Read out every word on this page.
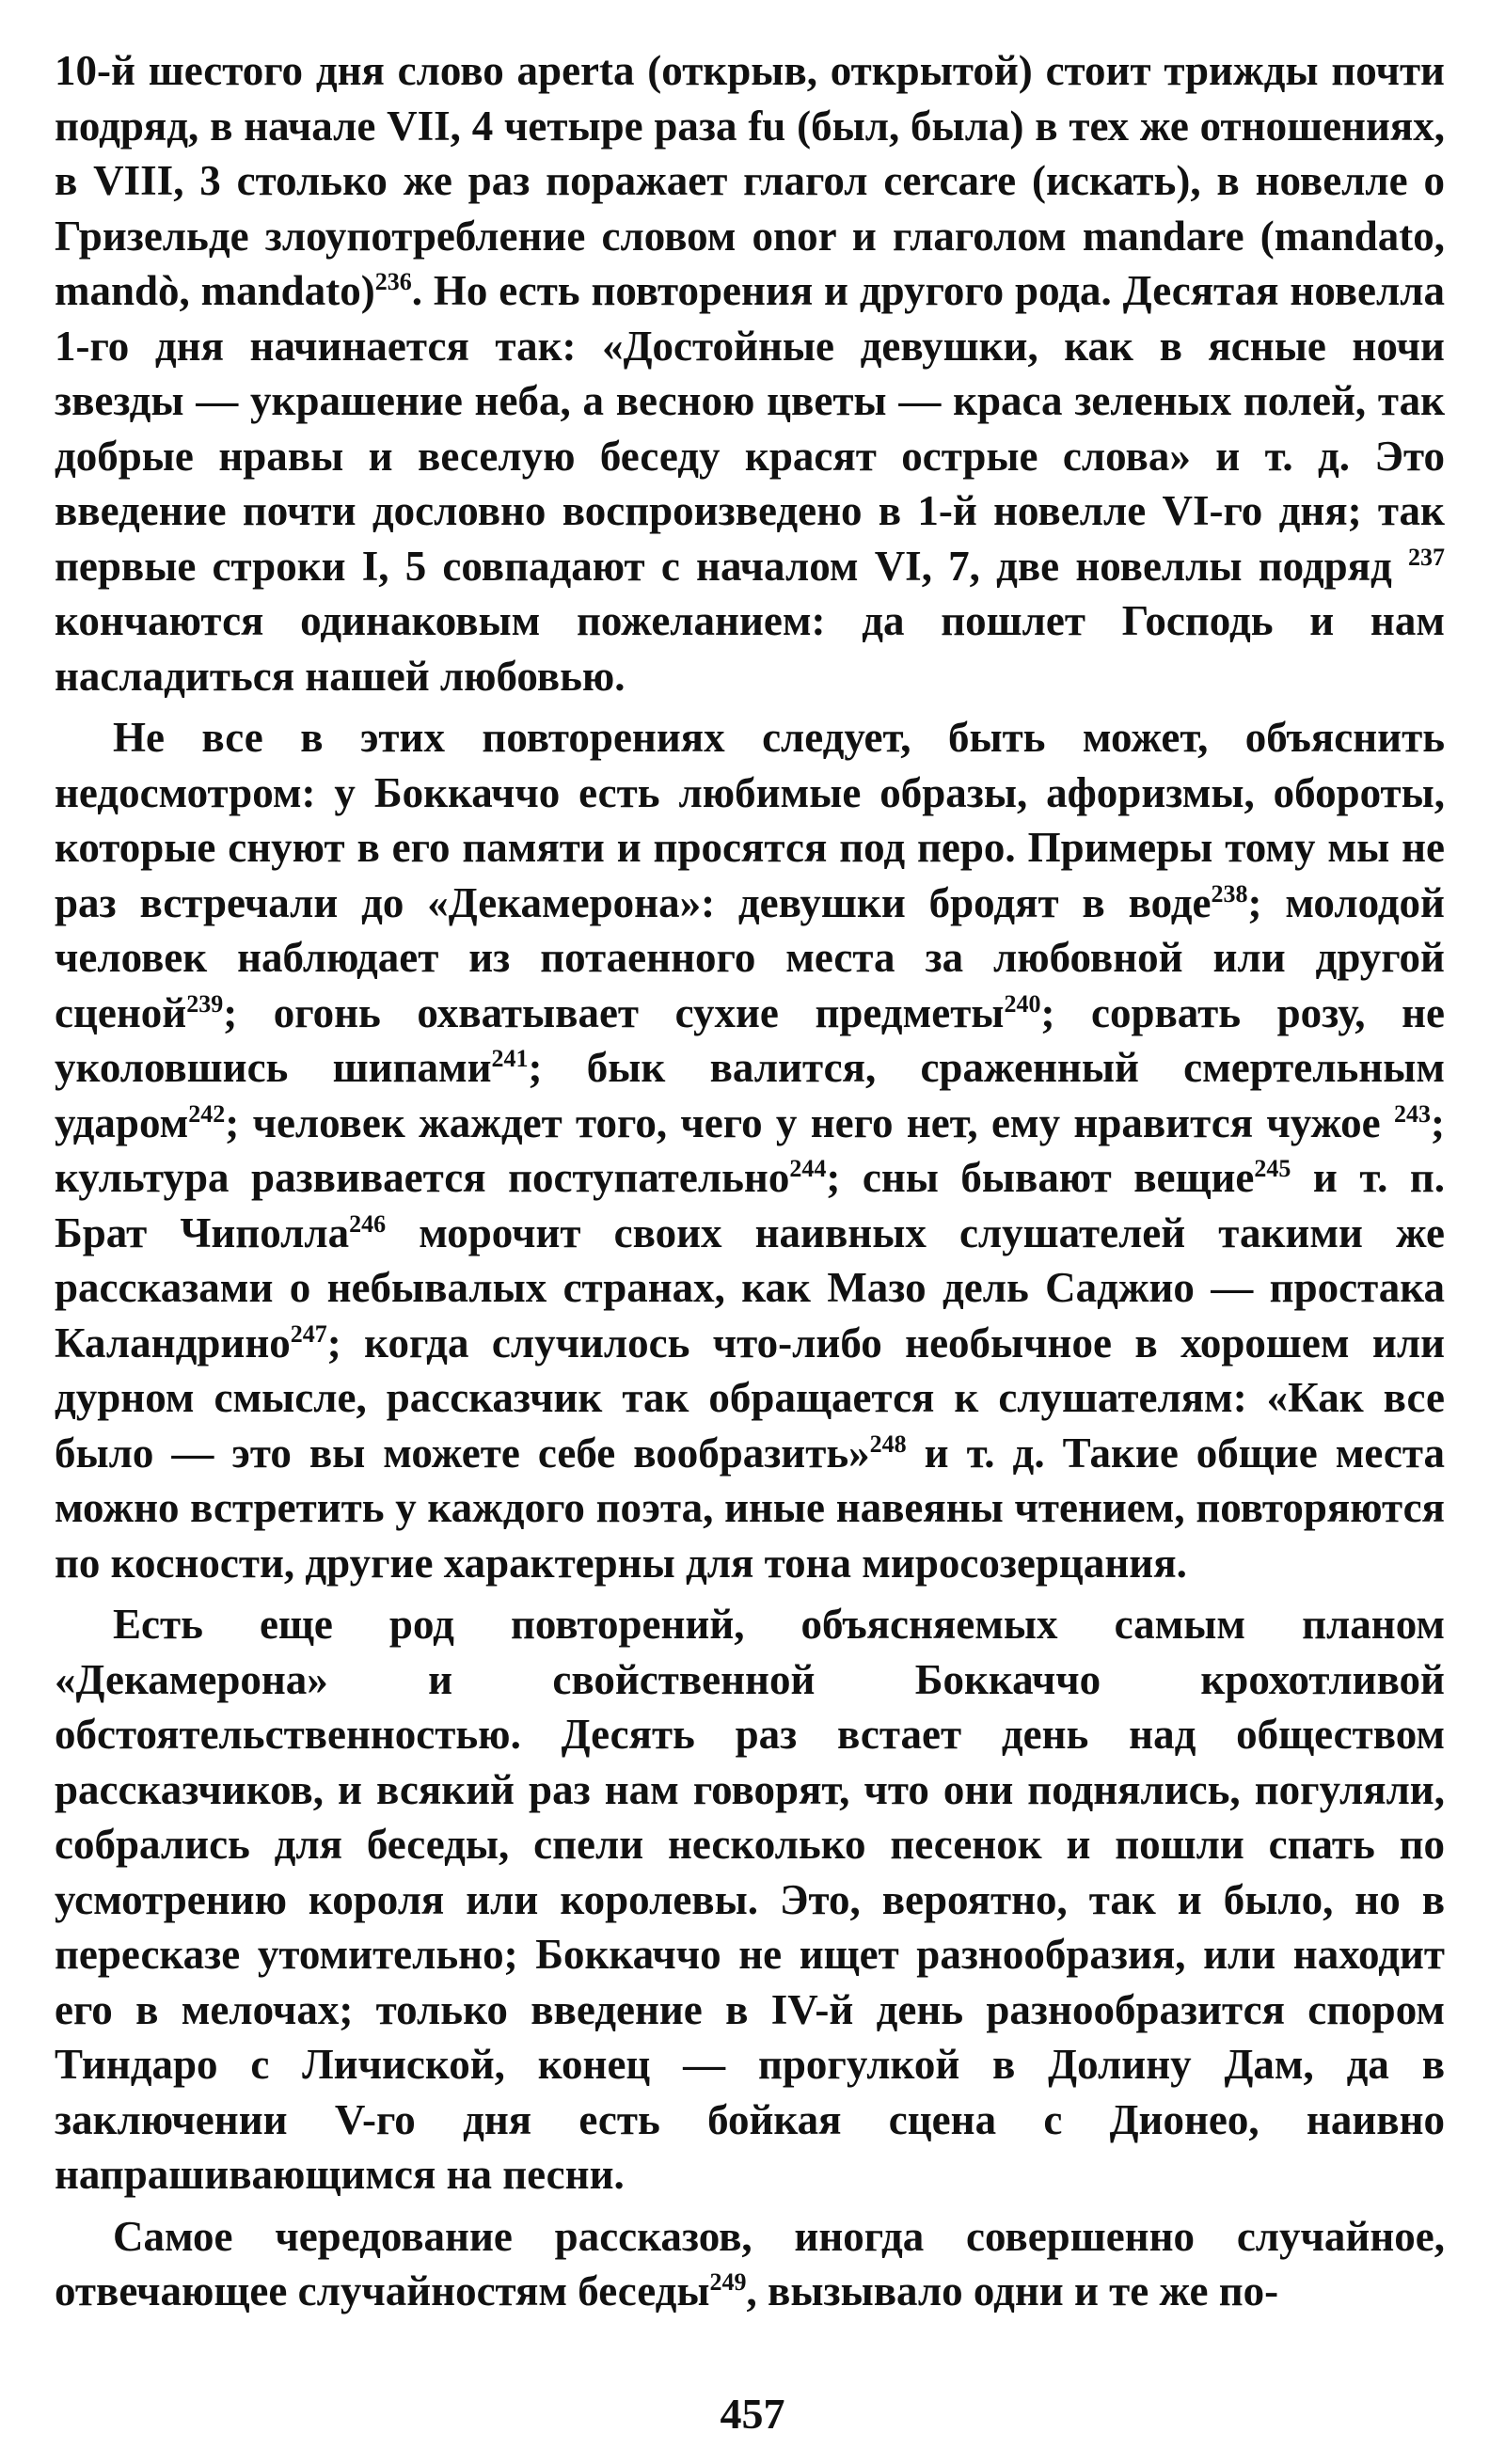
10-й шестого дня слово aperta (открыв, открытой) стоит трижды почти подряд, в начале VII, 4 четыре раза fu (был, была) в тех же отношениях, в VIII, 3 столько же раз поражает глагол cercare (искать), в новелле о Гризельде злоупотребление словом onor и глаголом mandare (mandato, mandò, mandato)$^{236}$. Но есть повторения и другого рода. Десятая новелла 1-го дня начинается так: «Достойные девушки, как в ясные ночи звезды — украшение неба, а весною цветы — краса зеленых полей, так добрые нравы и веселую беседу красят острые слова» и т. д. Это введение почти дословно воспроизведено в 1-й новелле VI-го дня; так первые строки I, 5 совпадают с началом VI, 7, две новеллы подряд $^{237}$ кончаются одинаковым пожеланием: да пошлет Господь и нам насладиться нашей любовью.

Не все в этих повторениях следует, быть может, объяснить недосмотром: у Боккаччо есть любимые образы, афоризмы, обороты, которые снуют в его памяти и просятся под перо. Примеры тому мы не раз встречали до «Декамерона»: девушки бродят в воде$^{238}$; молодой человек наблюдает из потаенного места за любовной или другой сценой$^{239}$; огонь охватывает сухие предметы$^{240}$; сорвать розу, не уколовшись шипами$^{241}$; бык валится, сраженный смертельным ударом$^{242}$; человек жаждет того, чего у него нет, ему нравится чужое $^{243}$; культура развивается поступательно$^{244}$; сны бывают вещие$^{245}$ и т. п. Брат Чиполла$^{246}$ морочит своих наивных слушателей такими же рассказами о небывалых странах, как Мазо дель Саджио — простака Каландрино$^{247}$; когда случилось что-либо необычное в хорошем или дурном смысле, рассказчик так обращается к слушателям: «Как все было — это вы можете себе вообразить»$^{248}$ и т. д. Такие общие места можно встретить у каждого поэта, иные навеяны чтением, повторяются по косности, другие характерны для тона миросозерцания.

Есть еще род повторений, объясняемых самым планом «Декамерона» и свойственной Боккаччо крохотливой обстоятельственностью. Десять раз встает день над обществом рассказчиков, и всякий раз нам говорят, что они поднялись, погуляли, собрались для беседы, спели несколько песенок и пошли спать по усмотрению короля или королевы. Это, вероятно, так и было, но в пересказе утомительно; Боккаччо не ищет разнообразия, или находит его в мелочах; только введение в IV-й день разнообразится спором Тиндаро с Личиской, конец — прогулкой в Долину Дам, да в заключении V-го дня есть бойкая сцена с Дионео, наивно напрашивающимся на песни.

Самое чередование рассказов, иногда совершенно случайное, отвечающее случайностям беседы$^{249}$, вызывало одни и те же по-

457
